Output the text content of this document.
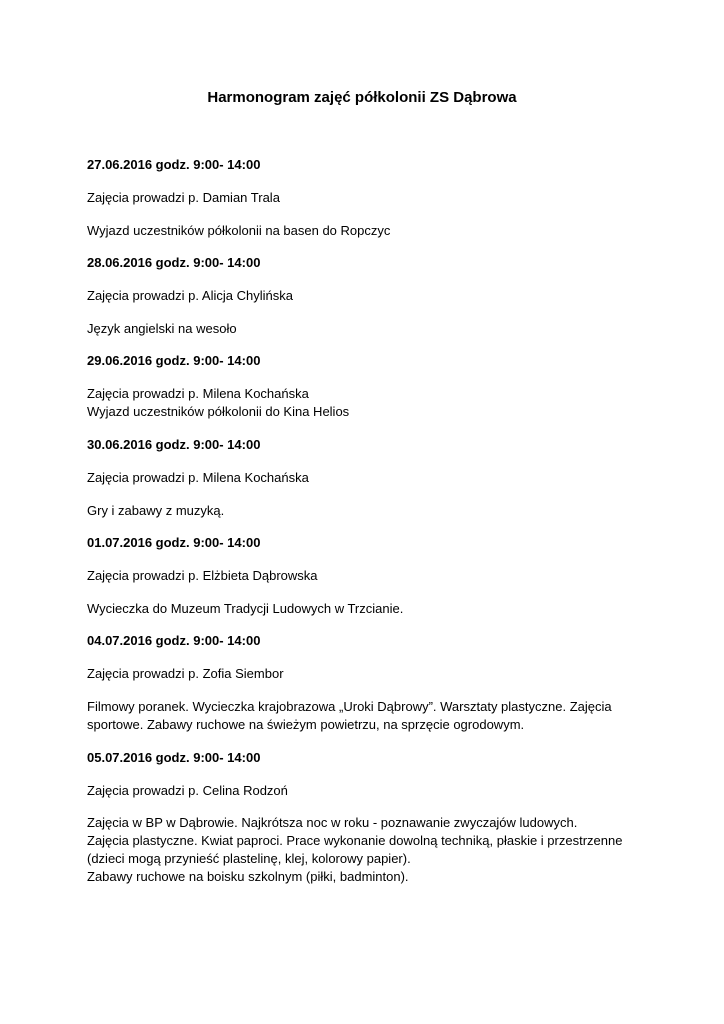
Harmonogram zajęć półkolonii ZS Dąbrowa
27.06.2016 godz. 9:00- 14:00
Zajęcia prowadzi p. Damian Trala
Wyjazd uczestników półkolonii na basen do Ropczyc
28.06.2016 godz. 9:00- 14:00
Zajęcia prowadzi p. Alicja Chylińska
Język angielski na wesoło
29.06.2016 godz. 9:00- 14:00
Zajęcia prowadzi p. Milena Kochańska
Wyjazd uczestników półkolonii do Kina Helios
30.06.2016 godz. 9:00- 14:00
Zajęcia prowadzi p. Milena Kochańska
Gry i zabawy z muzyką.
01.07.2016 godz. 9:00- 14:00
Zajęcia prowadzi p. Elżbieta Dąbrowska
Wycieczka do Muzeum Tradycji Ludowych w Trzcianie.
04.07.2016 godz. 9:00- 14:00
Zajęcia prowadzi p. Zofia Siembor
Filmowy poranek. Wycieczka krajobrazowa „Uroki Dąbrowy”. Warsztaty plastyczne. Zajęcia
sportowe. Zabawy ruchowe na świeżym powietrzu, na sprzęcie ogrodowym.
05.07.2016 godz. 9:00- 14:00
Zajęcia prowadzi p. Celina Rodzoń
Zajęcia w BP w Dąbrowie. Najkrótsza noc w roku - poznawanie zwyczajów ludowych.
Zajęcia plastyczne. Kwiat paproci. Prace wykonanie dowolną techniką, płaskie i przestrzenne
(dzieci mogą przynieść plastelinę, klej, kolorowy papier).
Zabawy ruchowe na boisku szkolnym (piłki, badminton).
